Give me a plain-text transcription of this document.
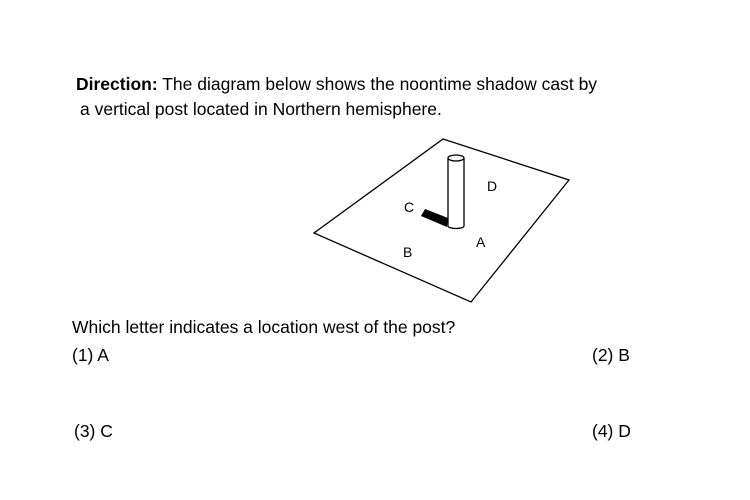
Direction: The diagram below shows the noontime shadow cast by
a vertical post located in Northern hemisphere.
D
C
A
B
Which letter indicates a location west of the post?
(1) A	(2) B
(3) C	(4) D
